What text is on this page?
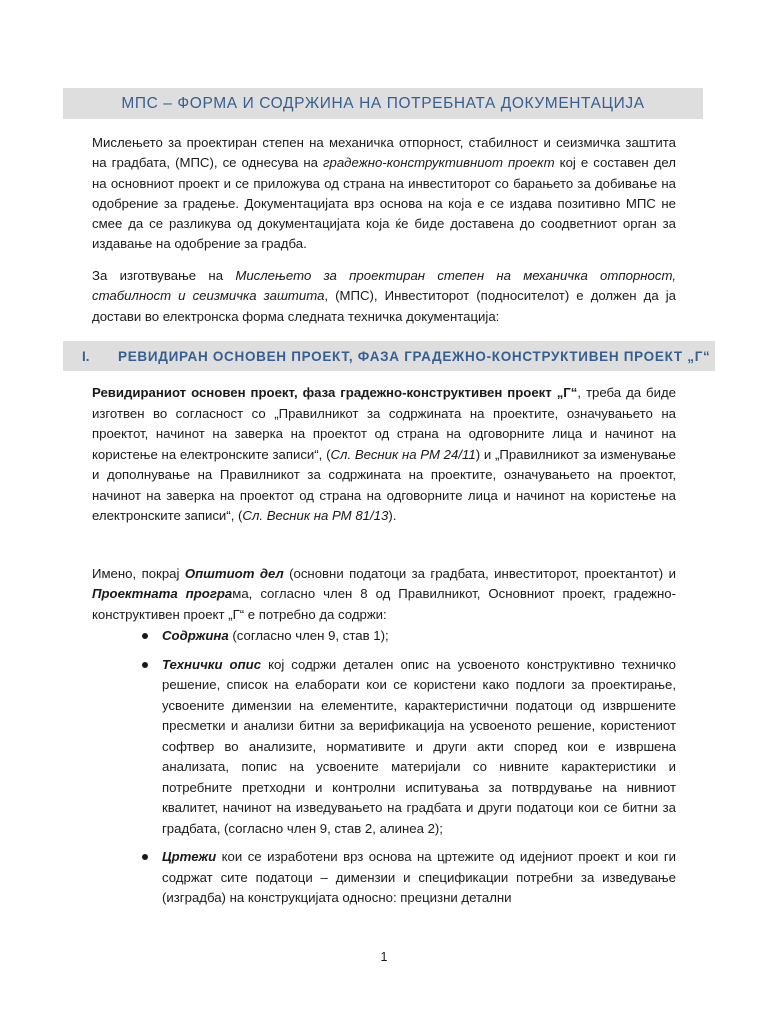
МПС – ФОРМА И СОДРЖИНА НА ПОТРЕБНАТА ДОКУМЕНТАЦИЈА
Мислењето за проектиран степен на механичка отпорност, стабилност и сеизмичка заштита на градбата, (МПС), се однесува на градежно-конструктивниот проект кој е составен дел на основниот проект и се приложува од страна на инвеститорот со барањето за добивање на одобрение за градење. Документацијата врз основа на која е се издава позитивно МПС не смее да се разликува од документацијата која ќе биде доставена до соодветниот орган за издавање на одобрение за градба.
За изготвување на Мислењето за проектиран степен на механичка отпорност, стабилност и сеизмичка заштита, (МПС), Инвеститорот (подносителот) е должен да ја достави во електронска форма следната техничка документација:
I.	РЕВИДИРАН ОСНОВЕН ПРОЕКТ, ФАЗА ГРАДЕЖНО-КОНСТРУКТИВЕН ПРОЕКТ „Г“
Ревидираниот основен проект, фаза градежно-конструктивен проект „Г“, треба да биде изготвен во согласност со „Правилникот за содржината на проектите, означувањето на проектот, начинот на заверка на проектот од страна на одговорните лица и начинот на користење на електронските записи“, (Сл. Весник на РМ 24/11) и „Правилникот за изменување и дополнување на Правилникот за содржината на проектите, означувањето на проектот, начинот на заверка на проектот од страна на одговорните лица и начинот на користење на електронските записи“, (Сл. Весник на РМ 81/13).
Имено, покрај Општиот дел (основни податоци за градбата, инвеститорот, проектантот) и Проектната програма, согласно член 8 од Правилникот, Основниот проект, градежно-конструктивен проект „Г“ е потребно да содржи:
Содржина (согласно член 9, став 1);
Технички опис кој содржи детален опис на усвоеното конструктивно техничко решение, список на елаборати кои се користени како подлоги за проектирање, усвоените димензии на елементите, карактеристични податоци од извршените пресметки и анализи битни за верификација на усвоеното решение, користениот софтвер во анализите, нормативите и други акти според кои е извршена анализата, попис на усвоените материјали со нивните карактеристики и потребните претходни и контролни испитувања за потврдување на нивниот квалитет, начинот на изведувањето на градбата и други податоци кои се битни за градбата, (согласно член 9, став 2, алинеа 2);
Цртежи кои се изработени врз основа на цртежите од идејниот проект и кои ги содржат сите податоци – димензии и спецификации потребни за изведување (изградба) на конструкцијата односно: прецизни детални
1
